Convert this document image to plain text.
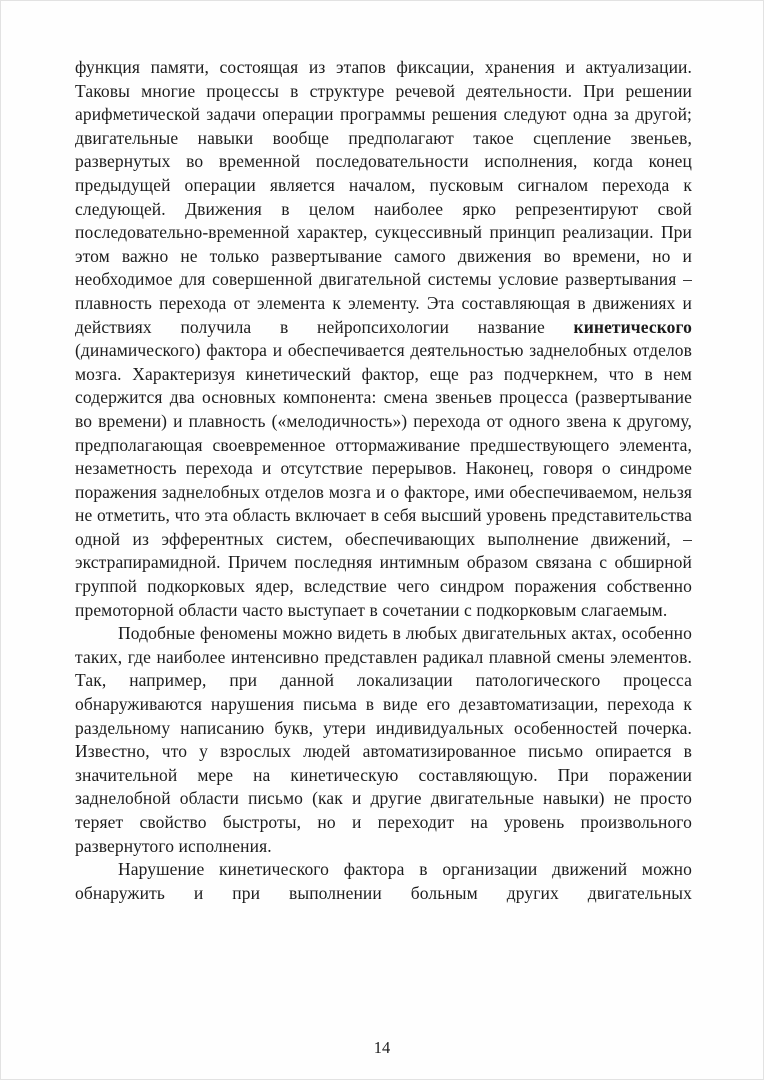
функция памяти, состоящая из этапов фиксации, хранения и актуализации. Таковы многие процессы в структуре речевой деятельности. При решении арифметической задачи операции программы решения следуют одна за другой; двигательные навыки вообще предполагают такое сцепление звеньев, развернутых во временной последовательности исполнения, когда конец предыдущей операции является началом, пусковым сигналом перехода к следующей. Движения в целом наиболее ярко репрезентируют свой последовательно-временной характер, сукцессивный принцип реализации. При этом важно не только развертывание самого движения во времени, но и необходимое для совершенной двигательной системы условие развертывания – плавность перехода от элемента к элементу. Эта составляющая в движениях и действиях получила в нейропсихологии название кинетического (динамического) фактора и обеспечивается деятельностью заднелобных отделов мозга. Характеризуя кинетический фактор, еще раз подчеркнем, что в нем содержится два основных компонента: смена звеньев процесса (развертывание во времени) и плавность («мелодичность») перехода от одного звена к другому, предполагающая своевременное оттормаживание предшествующего элемента, незаметность перехода и отсутствие перерывов. Наконец, говоря о синдроме поражения заднелобных отделов мозга и о факторе, ими обеспечиваемом, нельзя не отметить, что эта область включает в себя высший уровень представительства одной из эфферентных систем, обеспечивающих выполнение движений, – экстрапирамидной. Причем последняя интимным образом связана с обширной группой подкорковых ядер, вследствие чего синдром поражения собственно премоторной области часто выступает в сочетании с подкорковым слагаемым.

Подобные феномены можно видеть в любых двигательных актах, особенно таких, где наиболее интенсивно представлен радикал плавной смены элементов. Так, например, при данной локализации патологического процесса обнаруживаются нарушения письма в виде его дезавтоматизации, перехода к раздельному написанию букв, утери индивидуальных особенностей почерка. Известно, что у взрослых людей автоматизированное письмо опирается в значительной мере на кинетическую составляющую. При поражении заднелобной области письмо (как и другие двигательные навыки) не просто теряет свойство быстроты, но и переходит на уровень произвольного развернутого исполнения.

Нарушение кинетического фактора в организации движений можно обнаружить и при выполнении больным других двигательных

14
